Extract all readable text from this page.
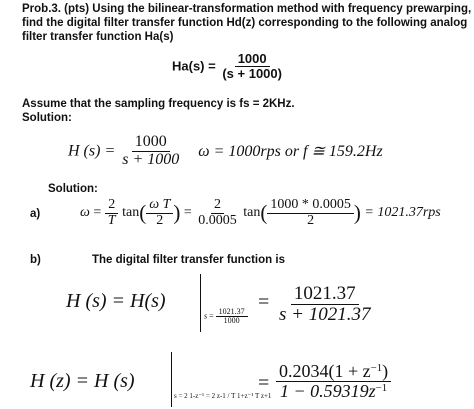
Prob.3. (pts) Using the bilinear-transformation method with frequency prewarping,
find the digital filter transfer function Hd(z) corresponding to the following analog
filter transfer function Ha(s)
$Ha(s) = \frac{1000}{(s + 1000)}$
Assume that the sampling frequency is fs = 2KHz.
Solution:
H $(s) = \frac{1000}{s + 1000}$ ω = 1000rps or f ≅ 159.2Hz
Solution:
a)	$\omega = \frac{2}{T} \tan( \frac{\text{ω T}}{2}$ ) = $\frac{2}{0.0005} \tan( \frac{1000 * 0.0005}{2}$ ) = 1021.37rps
b)	The digital filter transfer function is
H (s) = H(s)
$s = \frac{1021.37}{1000}$
= $\frac{1021.37}{s + 1021.37}$
H (z) = H (s)
s = 2 1-z⁻¹ = 2 z-1 / T 1+z⁻¹ T z+1
= $\frac{0.2034(1 + z^{-1})}{1 - 0.59319z^{-1}}$
